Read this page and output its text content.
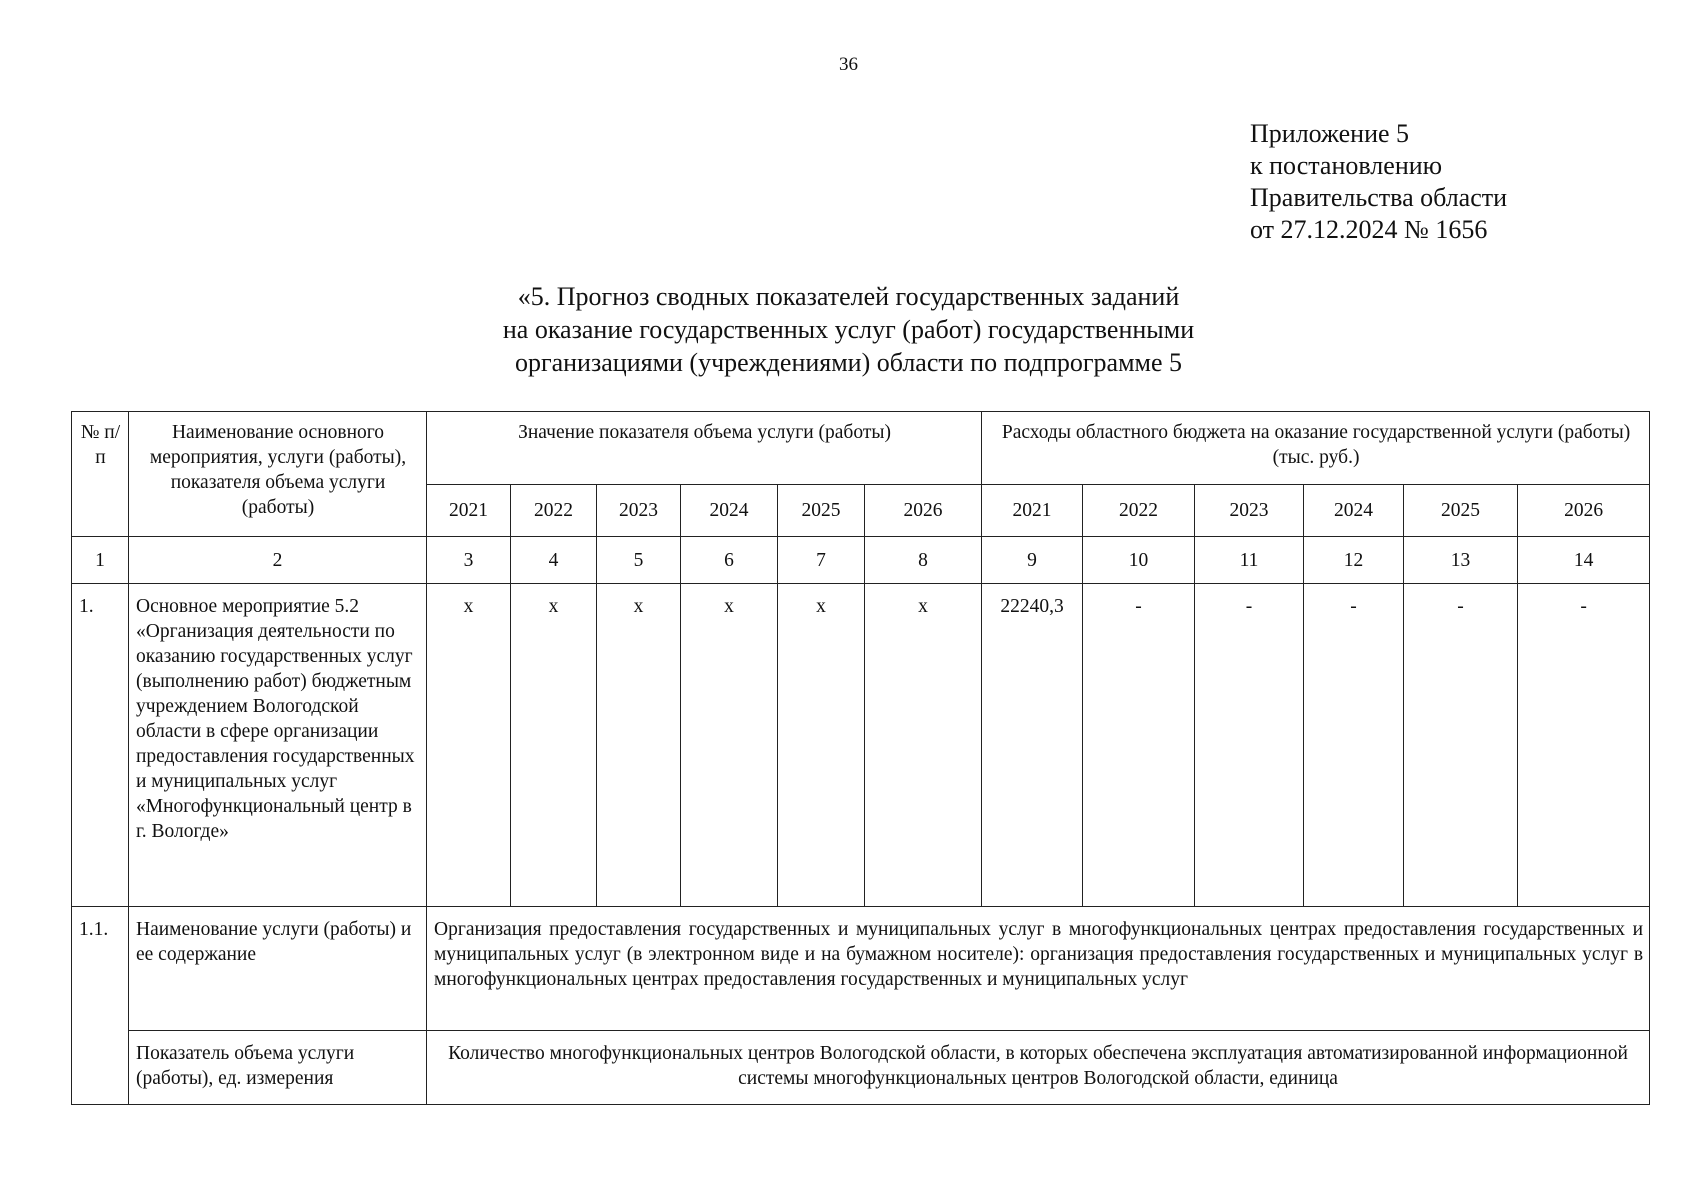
36
Приложение 5
к постановлению
Правительства области
от 27.12.2024 № 1656
«5. Прогноз сводных показателей государственных заданий
на оказание государственных услуг (работ) государственными
организациями (учреждениями) области по подпрограмме 5
№ п/п	Наименование основного мероприятия, услуги (работы), показателя объема услуги (работы)	Значение показателя объема услуги (работы)						Расходы областного бюджета на оказание государственной услуги (работы) (тыс. руб.)					
		2021	2022	2023	2024	2025	2026	2021	2022	2023	2024	2025	2026
1	2	3	4	5	6	7	8	9	10	11	12	13	14
1.	Основное мероприятие 5.2 «Организация деятельности по оказанию государственных услуг (выполнению работ) бюджетным учреждением Вологодской области в сфере организации предоставления государственных и муниципальных услуг «Многофункциональный центр в г. Вологде»	х	х	х	х	х	х	22240,3	-	-	-	-	-
1.1.	Наименование услуги (работы) и ее содержание	Организация предоставления государственных и муниципальных услуг в многофункциональных центрах предоставления государственных и муниципальных услуг (в электронном виде и на бумажном носителе): организация предоставления государственных и муниципальных услуг в многофункциональных центрах предоставления государственных и муниципальных услуг											
	Показатель объема услуги (работы), ед. измерения	Количество многофункциональных центров Вологодской области, в которых обеспечена эксплуатация автоматизированной информационной системы многофункциональных центров Вологодской области, единица											
